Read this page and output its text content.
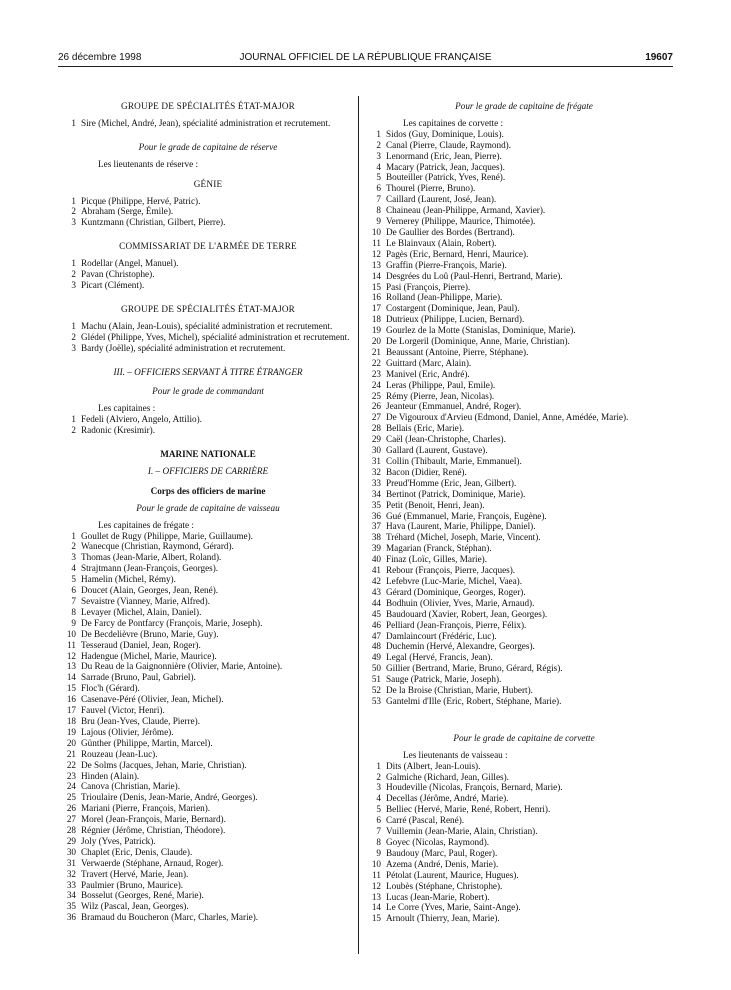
26 décembre 1998	JOURNAL OFFICIEL DE LA RÉPUBLIQUE FRANÇAISE	19607
GROUPE DE SPÉCIALITÉS ÉTAT-MAJOR
1 Sire (Michel, André, Jean), spécialité administration et recrutement.
Pour le grade de capitaine de réserve
Les lieutenants de réserve :
GÉNIE
1 Picque (Philippe, Hervé, Patric).
2 Abraham (Serge, Émile).
3 Kuntzmann (Christian, Gilbert, Pierre).
COMMISSARIAT DE L'ARMÉE DE TERRE
1 Rodellar (Angel, Manuel).
2 Pavan (Christophe).
3 Picart (Clément).
GROUPE DE SPÉCIALITÉS ÉTAT-MAJOR
1 Machu (Alain, Jean-Louis), spécialité administration et recrutement.
2 Glédel (Philippe, Yves, Michel), spécialité administration et recrutement.
3 Bardy (Joëlle), spécialité administration et recrutement.
III. – OFFICIERS SERVANT À TITRE ÉTRANGER
Pour le grade de commandant
Les capitaines :
1 Fedeli (Alviero, Angelo, Attilio).
2 Radonic (Kresimir).
MARINE NATIONALE
I. – OFFICIERS DE CARRIÈRE
Corps des officiers de marine
Pour le grade de capitaine de vaisseau
Les capitaines de frégate :
1 Goullet de Rugy (Philippe, Marie, Guillaume).
2 Wanecque (Christian, Raymond, Gérard).
3 Thomas (Jean-Marie, Albert, Roland).
4 Strajtmann (Jean-François, Georges).
5 Hamelin (Michel, Rémy).
6 Doucet (Alain, Georges, Jean, René).
7 Sevaistre (Vianney, Marie, Alfred).
8 Levayer (Michel, Alain, Daniel).
9 De Farcy de Pontfarcy (François, Marie, Joseph).
10 De Becdelièvre (Bruno, Marie, Guy).
11 Tesseraud (Daniel, Jean, Roger).
12 Hadengue (Michel, Marie, Maurice).
13 Du Reau de la Gaignonnière (Olivier, Marie, Antoine).
14 Sarrade (Bruno, Paul, Gabriel).
15 Floc'h (Gérard).
16 Casenave-Péré (Olivier, Jean, Michel).
17 Fauvel (Victor, Henri).
18 Bru (Jean-Yves, Claude, Pierre).
19 Lajous (Olivier, Jérôme).
20 Günther (Philippe, Martin, Marcel).
21 Rouzeau (Jean-Luc).
22 De Solms (Jacques, Jehan, Marie, Christian).
23 Hinden (Alain).
24 Canova (Christian, Marie).
25 Trioulaire (Denis, Jean-Marie, André, Georges).
26 Mariani (Pierre, François, Marien).
27 Morel (Jean-François, Marie, Bernard).
28 Régnier (Jérôme, Christian, Théodore).
29 Joly (Yves, Patrick).
30 Chaplet (Eric, Denis, Claude).
31 Verwaerde (Stéphane, Arnaud, Roger).
32 Travert (Hervé, Marie, Jean).
33 Paulmier (Bruno, Maurice).
34 Bosselut (Georges, René, Marie).
35 Wilz (Pascal, Jean, Georges).
36 Bramaud du Boucheron (Marc, Charles, Marie).
Pour le grade de capitaine de frégate
Les capitaines de corvette :
1 Sidos (Guy, Dominique, Louis).
2 Canal (Pierre, Claude, Raymond).
3 Lenormand (Eric, Jean, Pierre).
4 Macary (Patrick, Jean, Jacques).
5 Bouteiller (Patrick, Yves, René).
6 Thourel (Pierre, Bruno).
7 Caillard (Laurent, José, Jean).
8 Chaineau (Jean-Philippe, Armand, Xavier).
9 Vernerey (Philippe, Maurice, Thimotée).
10 De Gaullier des Bordes (Bertrand).
11 Le Blainvaux (Alain, Robert).
12 Pagès (Eric, Bernard, Henri, Maurice).
13 Graffin (Pierre-François, Marie).
14 Desgrées du Loû (Paul-Henri, Bertrand, Marie).
15 Pasi (François, Pierre).
16 Rolland (Jean-Philippe, Marie).
17 Costargent (Dominique, Jean, Paul).
18 Dutrieux (Philippe, Lucien, Bernard).
19 Gourlez de la Motte (Stanislas, Dominique, Marie).
20 De Lorgeril (Dominique, Anne, Marie, Christian).
21 Beaussant (Antoine, Pierre, Stéphane).
22 Guittard (Marc, Alain).
23 Manivel (Eric, André).
24 Leras (Philippe, Paul, Emile).
25 Rémy (Pierre, Jean, Nicolas).
26 Jeanteur (Emmanuel, André, Roger).
27 De Vigouroux d'Arvieu (Edmond, Daniel, Anne, Amédée, Marie).
28 Bellais (Eric, Marie).
29 Caël (Jean-Christophe, Charles).
30 Gallard (Laurent, Gustave).
31 Collin (Thibault, Marie, Emmanuel).
32 Bacon (Didier, René).
33 Preud'Homme (Eric, Jean, Gilbert).
34 Bertinot (Patrick, Dominique, Marie).
35 Petit (Benoit, Henri, Jean).
36 Gué (Emmanuel, Marie, François, Eugène).
37 Hava (Laurent, Marie, Philippe, Daniel).
38 Tréhard (Michel, Joseph, Marie, Vincent).
39 Magarian (Franck, Stéphan).
40 Finaz (Loïc, Gilles, Marie).
41 Rebour (François, Pierre, Jacques).
42 Lefebvre (Luc-Marie, Michel, Vaea).
43 Gérard (Dominique, Georges, Roger).
44 Bodhuin (Olivier, Yves, Marie, Arnaud).
45 Baudouard (Xavier, Robert, Jean, Georges).
46 Pelliard (Jean-François, Pierre, Félix).
47 Damlaincourt (Frédéric, Luc).
48 Duchemin (Hervé, Alexandre, Georges).
49 Legal (Hervé, Francis, Jean).
50 Gillier (Bertrand, Marie, Bruno, Gérard, Régis).
51 Sauge (Patrick, Marie, Joseph).
52 De la Broise (Christian, Marie, Hubert).
53 Gantelmi d'Ille (Eric, Robert, Stéphane, Marie).
Pour le grade de capitaine de corvette
Les lieutenants de vaisseau :
1 Dits (Albert, Jean-Louis).
2 Galmiche (Richard, Jean, Gilles).
3 Houdeville (Nicolas, François, Bernard, Marie).
4 Decellas (Jérôme, André, Marie).
5 Belliec (Hervé, Marie, René, Robert, Henri).
6 Carré (Pascal, René).
7 Vuillemin (Jean-Marie, Alain, Christian).
8 Goyec (Nicolas, Raymond).
9 Baudouy (Marc, Paul, Roger).
10 Azema (André, Denis, Marie).
11 Pétolat (Laurent, Maurice, Hugues).
12 Loubès (Stéphane, Christophe).
13 Lucas (Jean-Marie, Robert).
14 Le Corre (Yves, Marie, Saint-Ange).
15 Arnoult (Thierry, Jean, Marie).
